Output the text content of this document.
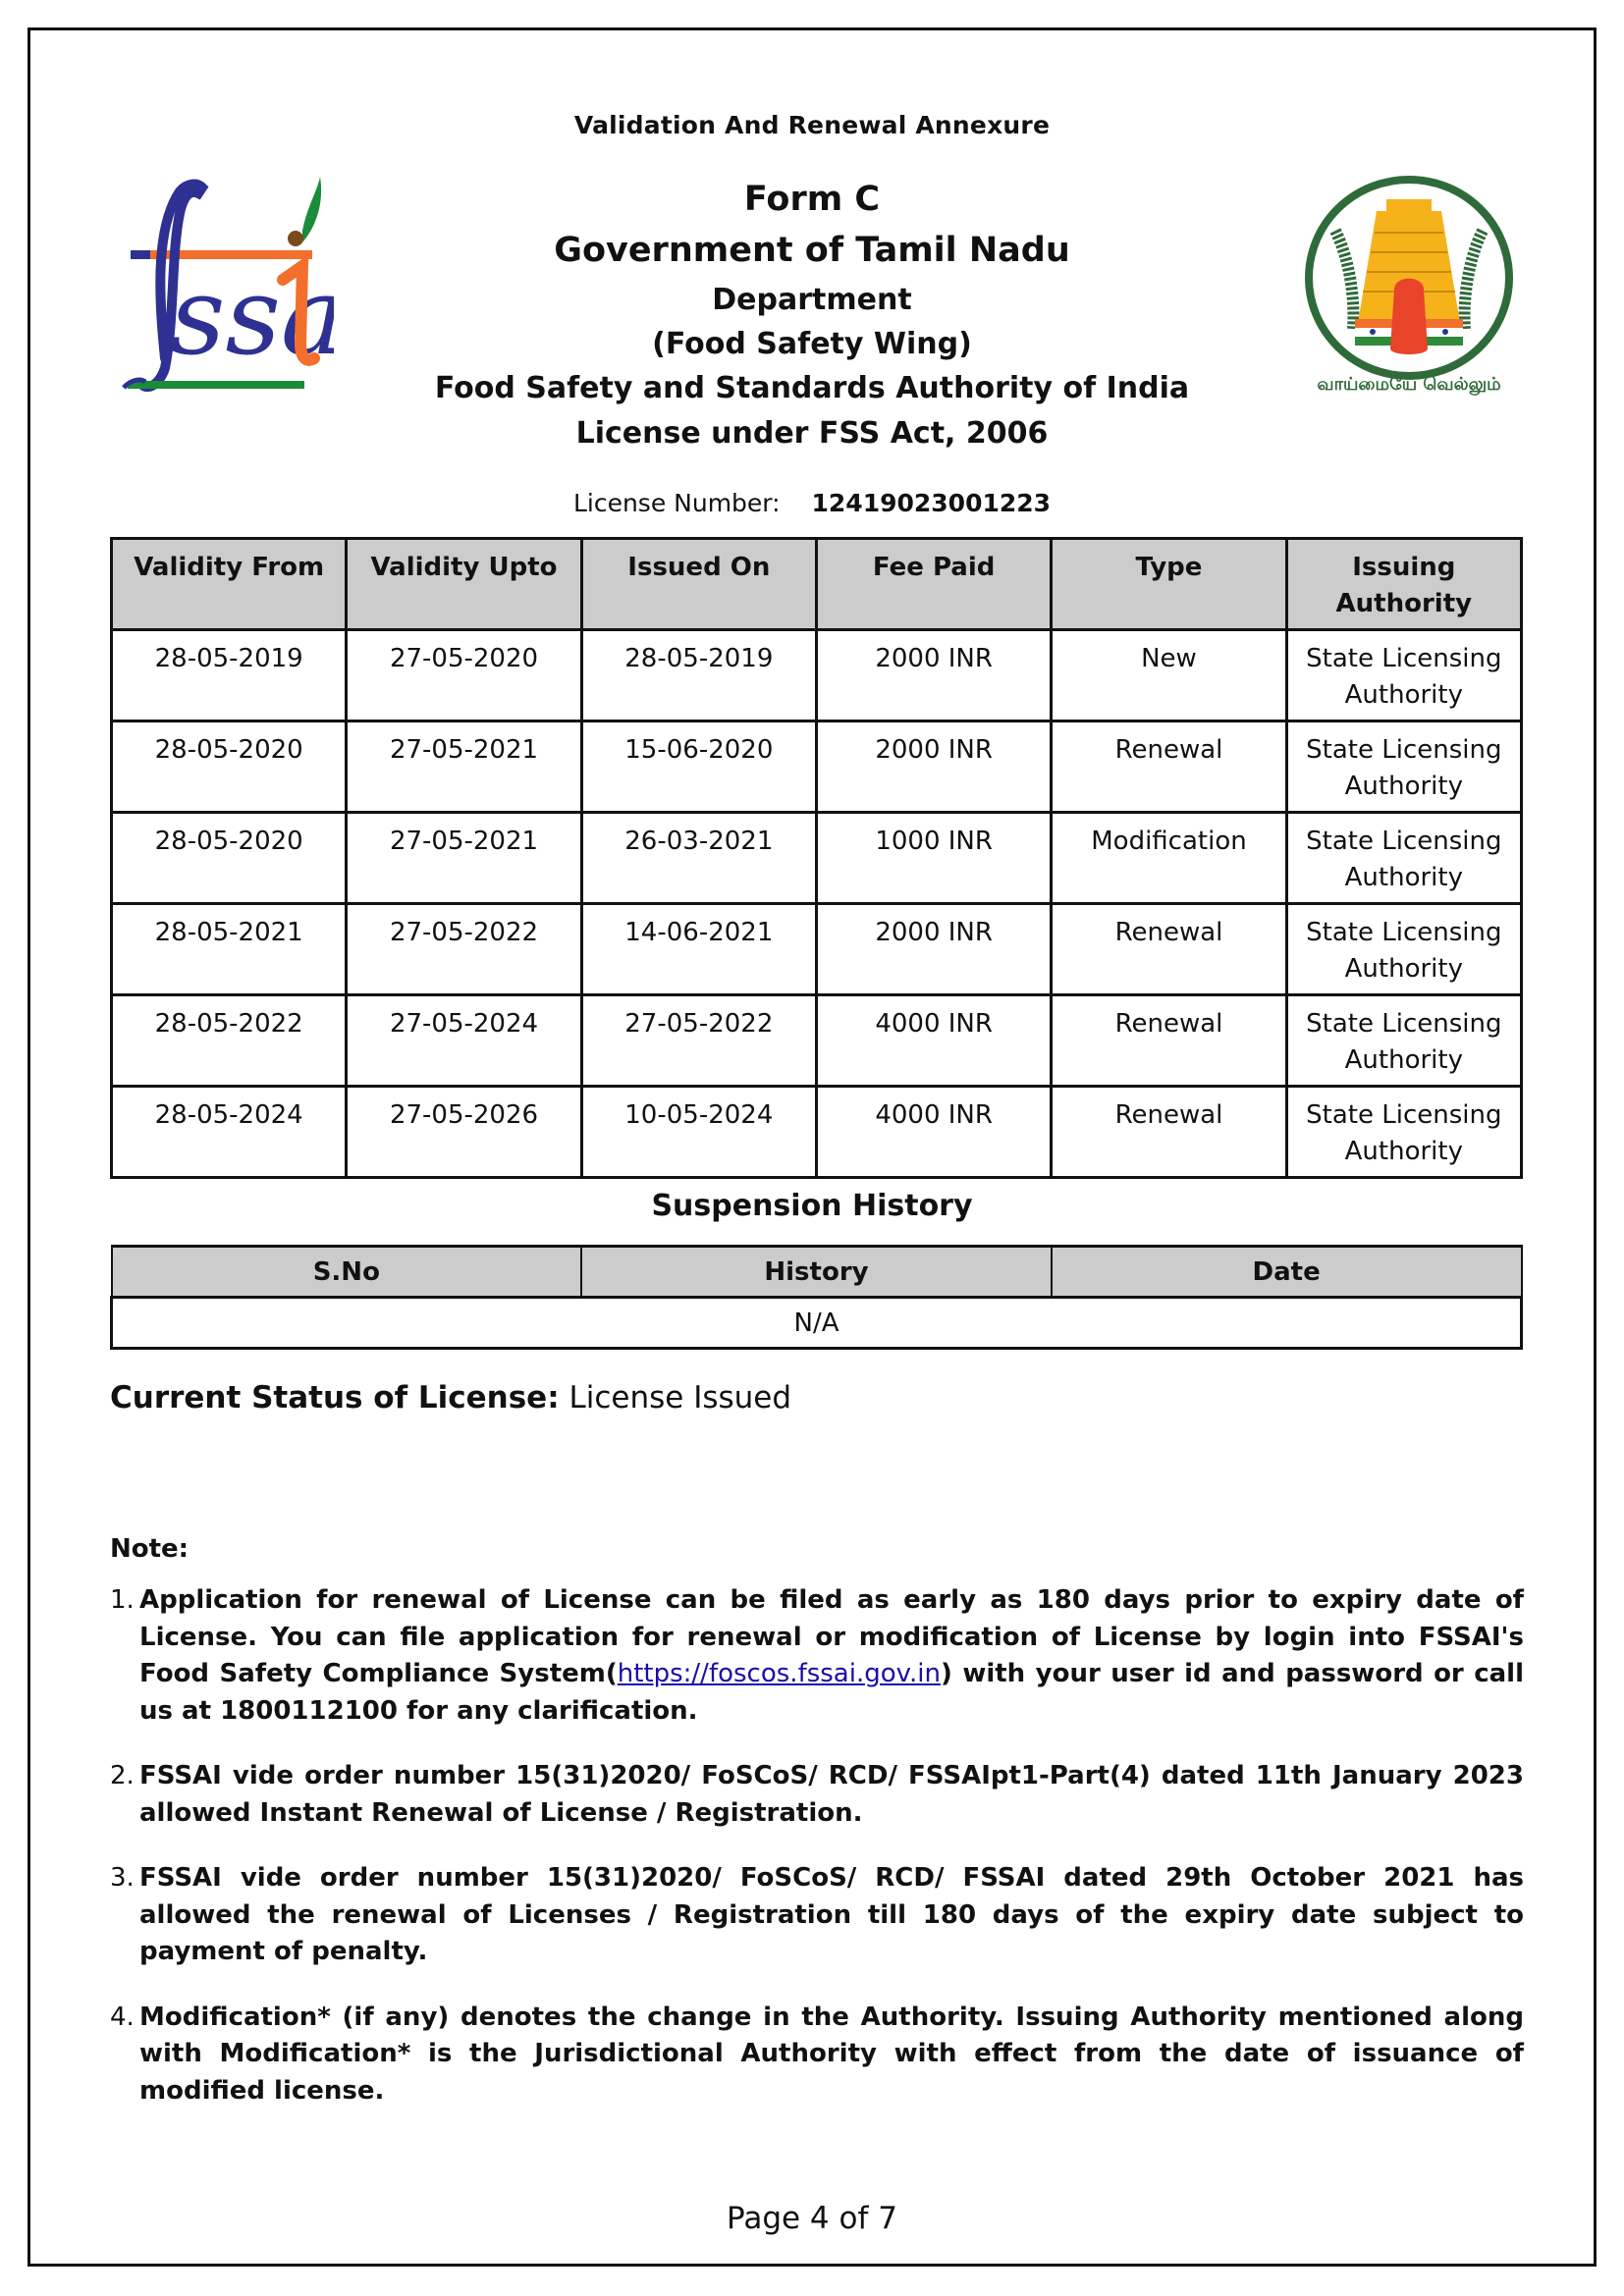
ssa
வாய்மையே வெல்லும்
Validation And Renewal Annexure
Form C
Government of Tamil Nadu
Department
(Food Safety Wing)
Food Safety and Standards Authority of India
License under FSS Act, 2006
License Number: 12419023001223
Validity From	Validity Upto	Issued On	Fee Paid	Type	Issuing Authority
28-05-2019	27-05-2020	28-05-2019	2000 INR	New	State Licensing Authority
28-05-2020	27-05-2021	15-06-2020	2000 INR	Renewal	State Licensing Authority
28-05-2020	27-05-2021	26-03-2021	1000 INR	Modification	State Licensing Authority
28-05-2021	27-05-2022	14-06-2021	2000 INR	Renewal	State Licensing Authority
28-05-2022	27-05-2024	27-05-2022	4000 INR	Renewal	State Licensing Authority
28-05-2024	27-05-2026	10-05-2024	4000 INR	Renewal	State Licensing Authority
Suspension History
S.No	History	Date
N/A
Current Status of License: License Issued
Note:
1. Application for renewal of License can be filed as early as 180 days prior to expiry date of License. You can file application for renewal or modification of License by login into FSSAI's Food Safety Compliance System(https://foscos.fssai.gov.in) with your user id and password or call us at 1800112100 for any clarification.
2. FSSAI vide order number 15(31)2020/ FoSCoS/ RCD/ FSSAIpt1-Part(4) dated 11th January 2023 allowed Instant Renewal of License / Registration.
3. FSSAI vide order number 15(31)2020/ FoSCoS/ RCD/ FSSAI dated 29th October 2021 has allowed the renewal of Licenses / Registration till 180 days of the expiry date subject to payment of penalty.
4. Modification* (if any) denotes the change in the Authority. Issuing Authority mentioned along with Modification* is the Jurisdictional Authority with effect from the date of issuance of modified license.
Page 4 of 7
